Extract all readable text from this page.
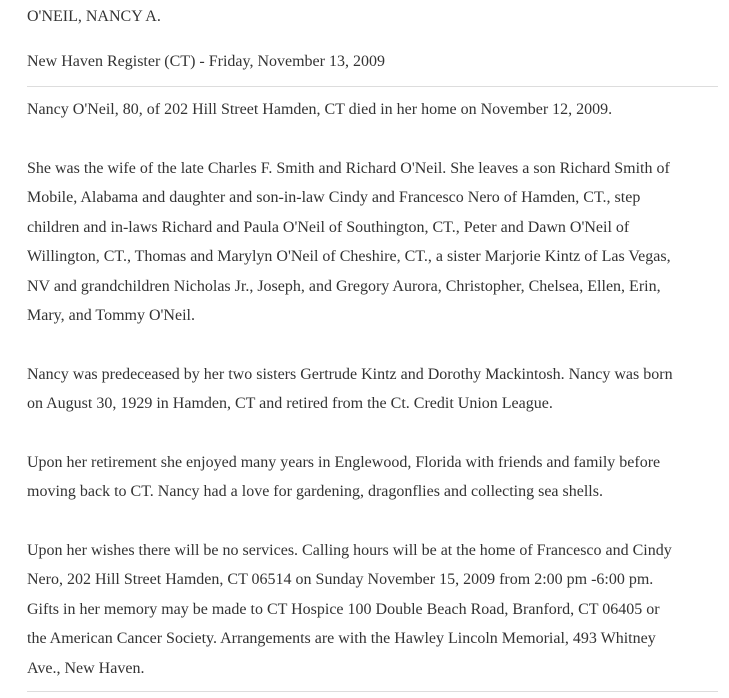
O'NEIL, NANCY A.
New Haven Register (CT) - Friday, November 13, 2009

Nancy O'Neil, 80, of 202 Hill Street Hamden, CT died in her home on November 12, 2009.

She was the wife of the late Charles F. Smith and Richard O'Neil. She leaves a son Richard Smith of
Mobile, Alabama and daughter and son-in-law Cindy and Francesco Nero of Hamden, CT., step
children and in-laws Richard and Paula O'Neil of Southington, CT., Peter and Dawn O'Neil of
Willington, CT., Thomas and Marylyn O'Neil of Cheshire, CT., a sister Marjorie Kintz of Las Vegas,
NV and grandchildren Nicholas Jr., Joseph, and Gregory Aurora, Christopher, Chelsea, Ellen, Erin,
Mary, and Tommy O'Neil.

Nancy was predeceased by her two sisters Gertrude Kintz and Dorothy Mackintosh. Nancy was born
on August 30, 1929 in Hamden, CT and retired from the Ct. Credit Union League.

Upon her retirement she enjoyed many years in Englewood, Florida with friends and family before
moving back to CT. Nancy had a love for gardening, dragonflies and collecting sea shells.

Upon her wishes there will be no services. Calling hours will be at the home of Francesco and Cindy
Nero, 202 Hill Street Hamden, CT 06514 on Sunday November 15, 2009 from 2:00 pm -6:00 pm.
Gifts in her memory may be made to CT Hospice 100 Double Beach Road, Branford, CT 06405 or
the American Cancer Society. Arrangements are with the Hawley Lincoln Memorial, 493 Whitney
Ave., New Haven.
